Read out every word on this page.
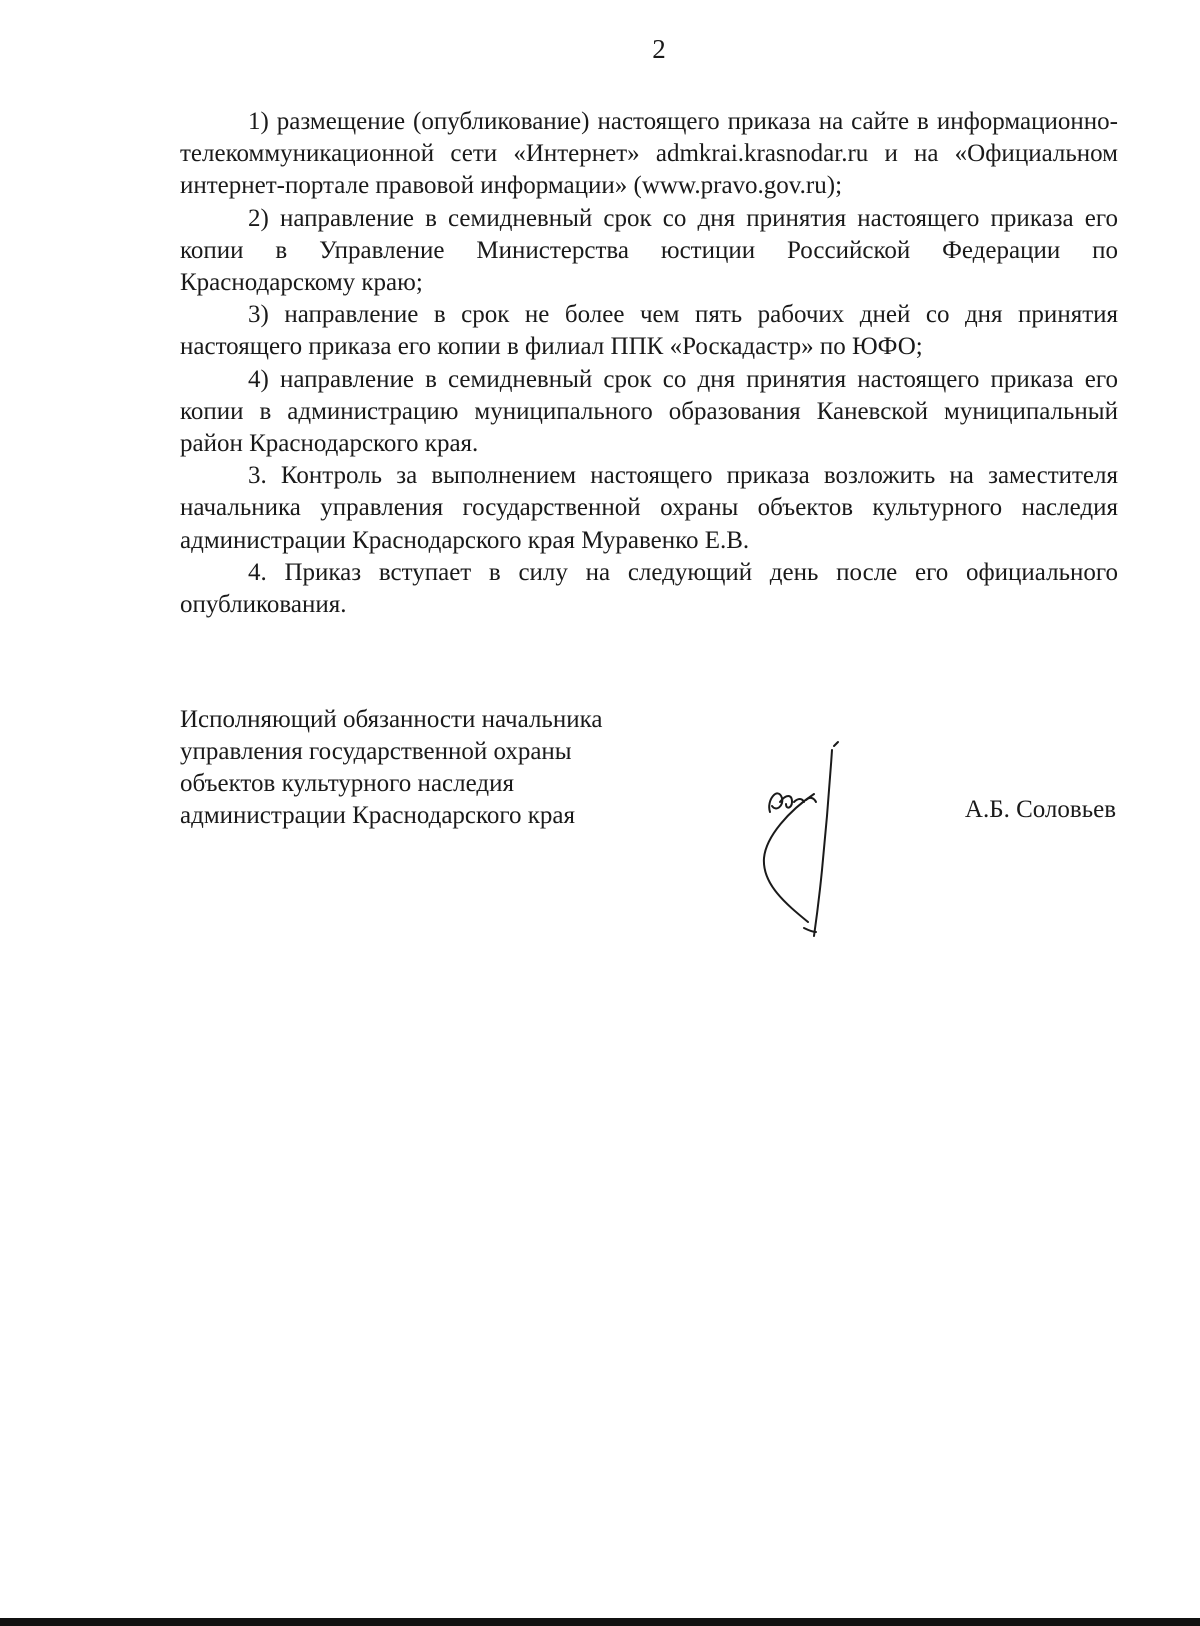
2

1) размещение (опубликование) настоящего приказа на сайте в информационно-телекоммуникационной сети «Интернет» admkrai.krasnodar.ru и на «Официальном интернет-портале правовой информации» (www.pravo.gov.ru);

2) направление в семидневный срок со дня принятия настоящего приказа его копии в Управление Министерства юстиции Российской Федерации по Краснодарскому краю;

3) направление в срок не более чем пять рабочих дней со дня принятия настоящего приказа его копии в филиал ППК «Роскадастр» по ЮФО;

4) направление в семидневный срок со дня принятия настоящего приказа его копии в администрацию муниципального образования Каневской муниципальный район Краснодарского края.

3. Контроль за выполнением настоящего приказа возложить на заместителя начальника управления государственной охраны объектов культурного наследия администрации Краснодарского края Муравенко Е.В.

4. Приказ вступает в силу на следующий день после его официального опубликования.

Исполняющий обязанности начальника
управления государственной охраны
объектов культурного наследия
администрации Краснодарского края	А.Б. Соловьев
